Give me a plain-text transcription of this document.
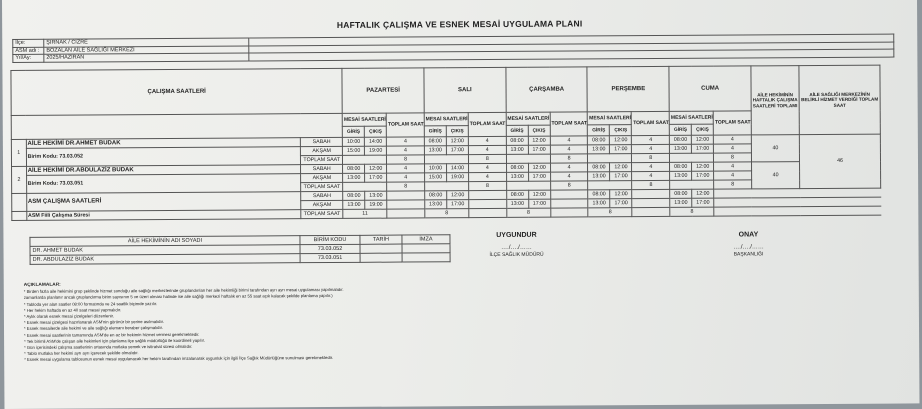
HAFTALIK ÇALIŞMA VE ESNEK MESAİ UYGULAMA PLANI
İlçe:	ŞIRNAK / CİZRE	
ASM adı :	BOZALAN AİLE SAĞLIĞI MERKEZİ	
Yıl/Ay:	2025/HAZİRAN	
ÇALIŞMA SAATLERİ			PAZARTESİ			SALI			ÇARŞAMBA			PERŞEMBE			CUMA			AİLE HEKİMİNİN HAFTALIK ÇALIŞMA SAATLERİ TOPLAMI	AİLE SAĞLIĞI MERKEZİNİN BELİRLİ HİZMET VERDİĞİ TOPLAM SAAT
			MESAİ SAATLERİ		TOPLAM SAAT	MESAİ SAATLERİ		TOPLAM SAAT	MESAİ SAATLERİ		TOPLAM SAAT	MESAİ SAATLERİ		TOPLAM SAAT	MESAİ SAATLERİ		TOPLAM SAAT		
			GİRİŞ	ÇIKIŞ		GİRİŞ	ÇIKIŞ		GİRİŞ	ÇIKIŞ		GİRİŞ	ÇIKIŞ		GİRİŞ	ÇIKIŞ			
1	AİLE HEKİMİ DR.AHMET BUDAK	SABAH	10:00	14:00	4	08:00	12:00	4	08:00	12:00	4	08:00	12:00	4	08:00	12:00	4	40	46
	Birim Kodu: 73.03.052	AKŞAM	15:00	19:00	4	13:00	17:00	4	13:00	17:00	4	13:00	17:00	4	13:00	17:00	4		
		TOPLAM SAAT			8			8			8			8			8		
2	AİLE HEKİMİ DR.ABDULAZİZ BUDAK	SABAH	08:00	12:00	4	10:00	14:00	4	08:00	12:00	4	08:00	12:00	4	08:00	12:00	4	40	
	Birim Kodu: 73.03.051	AKŞAM	13:00	17:00	4	15:00	19:00	4	13:00	17:00	4	13:00	17:00	4	13:00	17:00	4		
		TOPLAM SAAT			8			8			8			8			8		
	ASM ÇALIŞMA SAATLERİ	SABAH	08:00	13:00		08:00	12:00		08:00	12:00		08:00	12:00		08:00	12:00			
		AKŞAM	13:00	19:00		13:00	17:00		13:00	17:00		13:00	17:00		13:00	17:00			
	ASM Fiili Çalışma Süresi	TOPLAM SAAT	11			8			8			8			8				
AİLE HEKİMİNİN ADI SOYADI	BİRİM KODU	TARİH	İMZA
DR. AHMET BUDAK	73.03.052		
DR. ABDULAZİZ BUDAK	73.03.051		
UYGUNDUR
…./…./……
İLÇE SAĞLIK MÜDÜRÜ
ONAY
…./…./……
BAŞKANLIĞI
AÇIKLAMALAR:
* Birden fazla aile hekimini grup şeklinde hizmet sunduğu aile sağlığı merkezlerinde gruplandırılan her aile hekimliği birimi tarafından ayrı ayrı mesai uygulaması yapılmalıdır.
zamanlarda planlanır ancak gruplandırma birim sayısının 5 ve üzeri olması halinde ise aile sağlığı merkezi haftalık en az 55 saat açık kalacak şekilde planlama yapılır.)
* Tabloda yer alan saatler 08:00 formatında ve 24 saatlik biçimde yazılır.
* Her hekim haftada en az 40 saat mesai yapmalıdır.
* Aylık olarak esnek mesai çizelgeleri düzenlenir.
* Esnek mesai çizelgesi hazırlanarak ASM'nin görünür bir yerine asılmalıdır.
* Esnek mesailerde aile hekimi ve aile sağlığı elemanı beraber çalışmalıdır.
* Esnek mesai saatlerinin tamamında ASM'de en az bir hekimin hizmet vermesi gerekmektedir.
* Tek birimli ASM'de çalışan aile hekimleri için planlama ilçe sağlık müdürlüğü ile koordineli yapılır.
* Gün içerisindeki çalışma saatlerinin ortasında mutlaka yemek ve istirahat süresi olmalıdır.
* Tablo mutlaka her hekimi ayrı ayrı içerecek şekilde olmalıdır.
* Esnek mesai uygulama tablosunun esnek mesai uygulanacak her hekim tarafından imzalanarak uygunluk için ilgili İlçe Sağlık Müdürlüğüne sunulması gerekmektedir.
